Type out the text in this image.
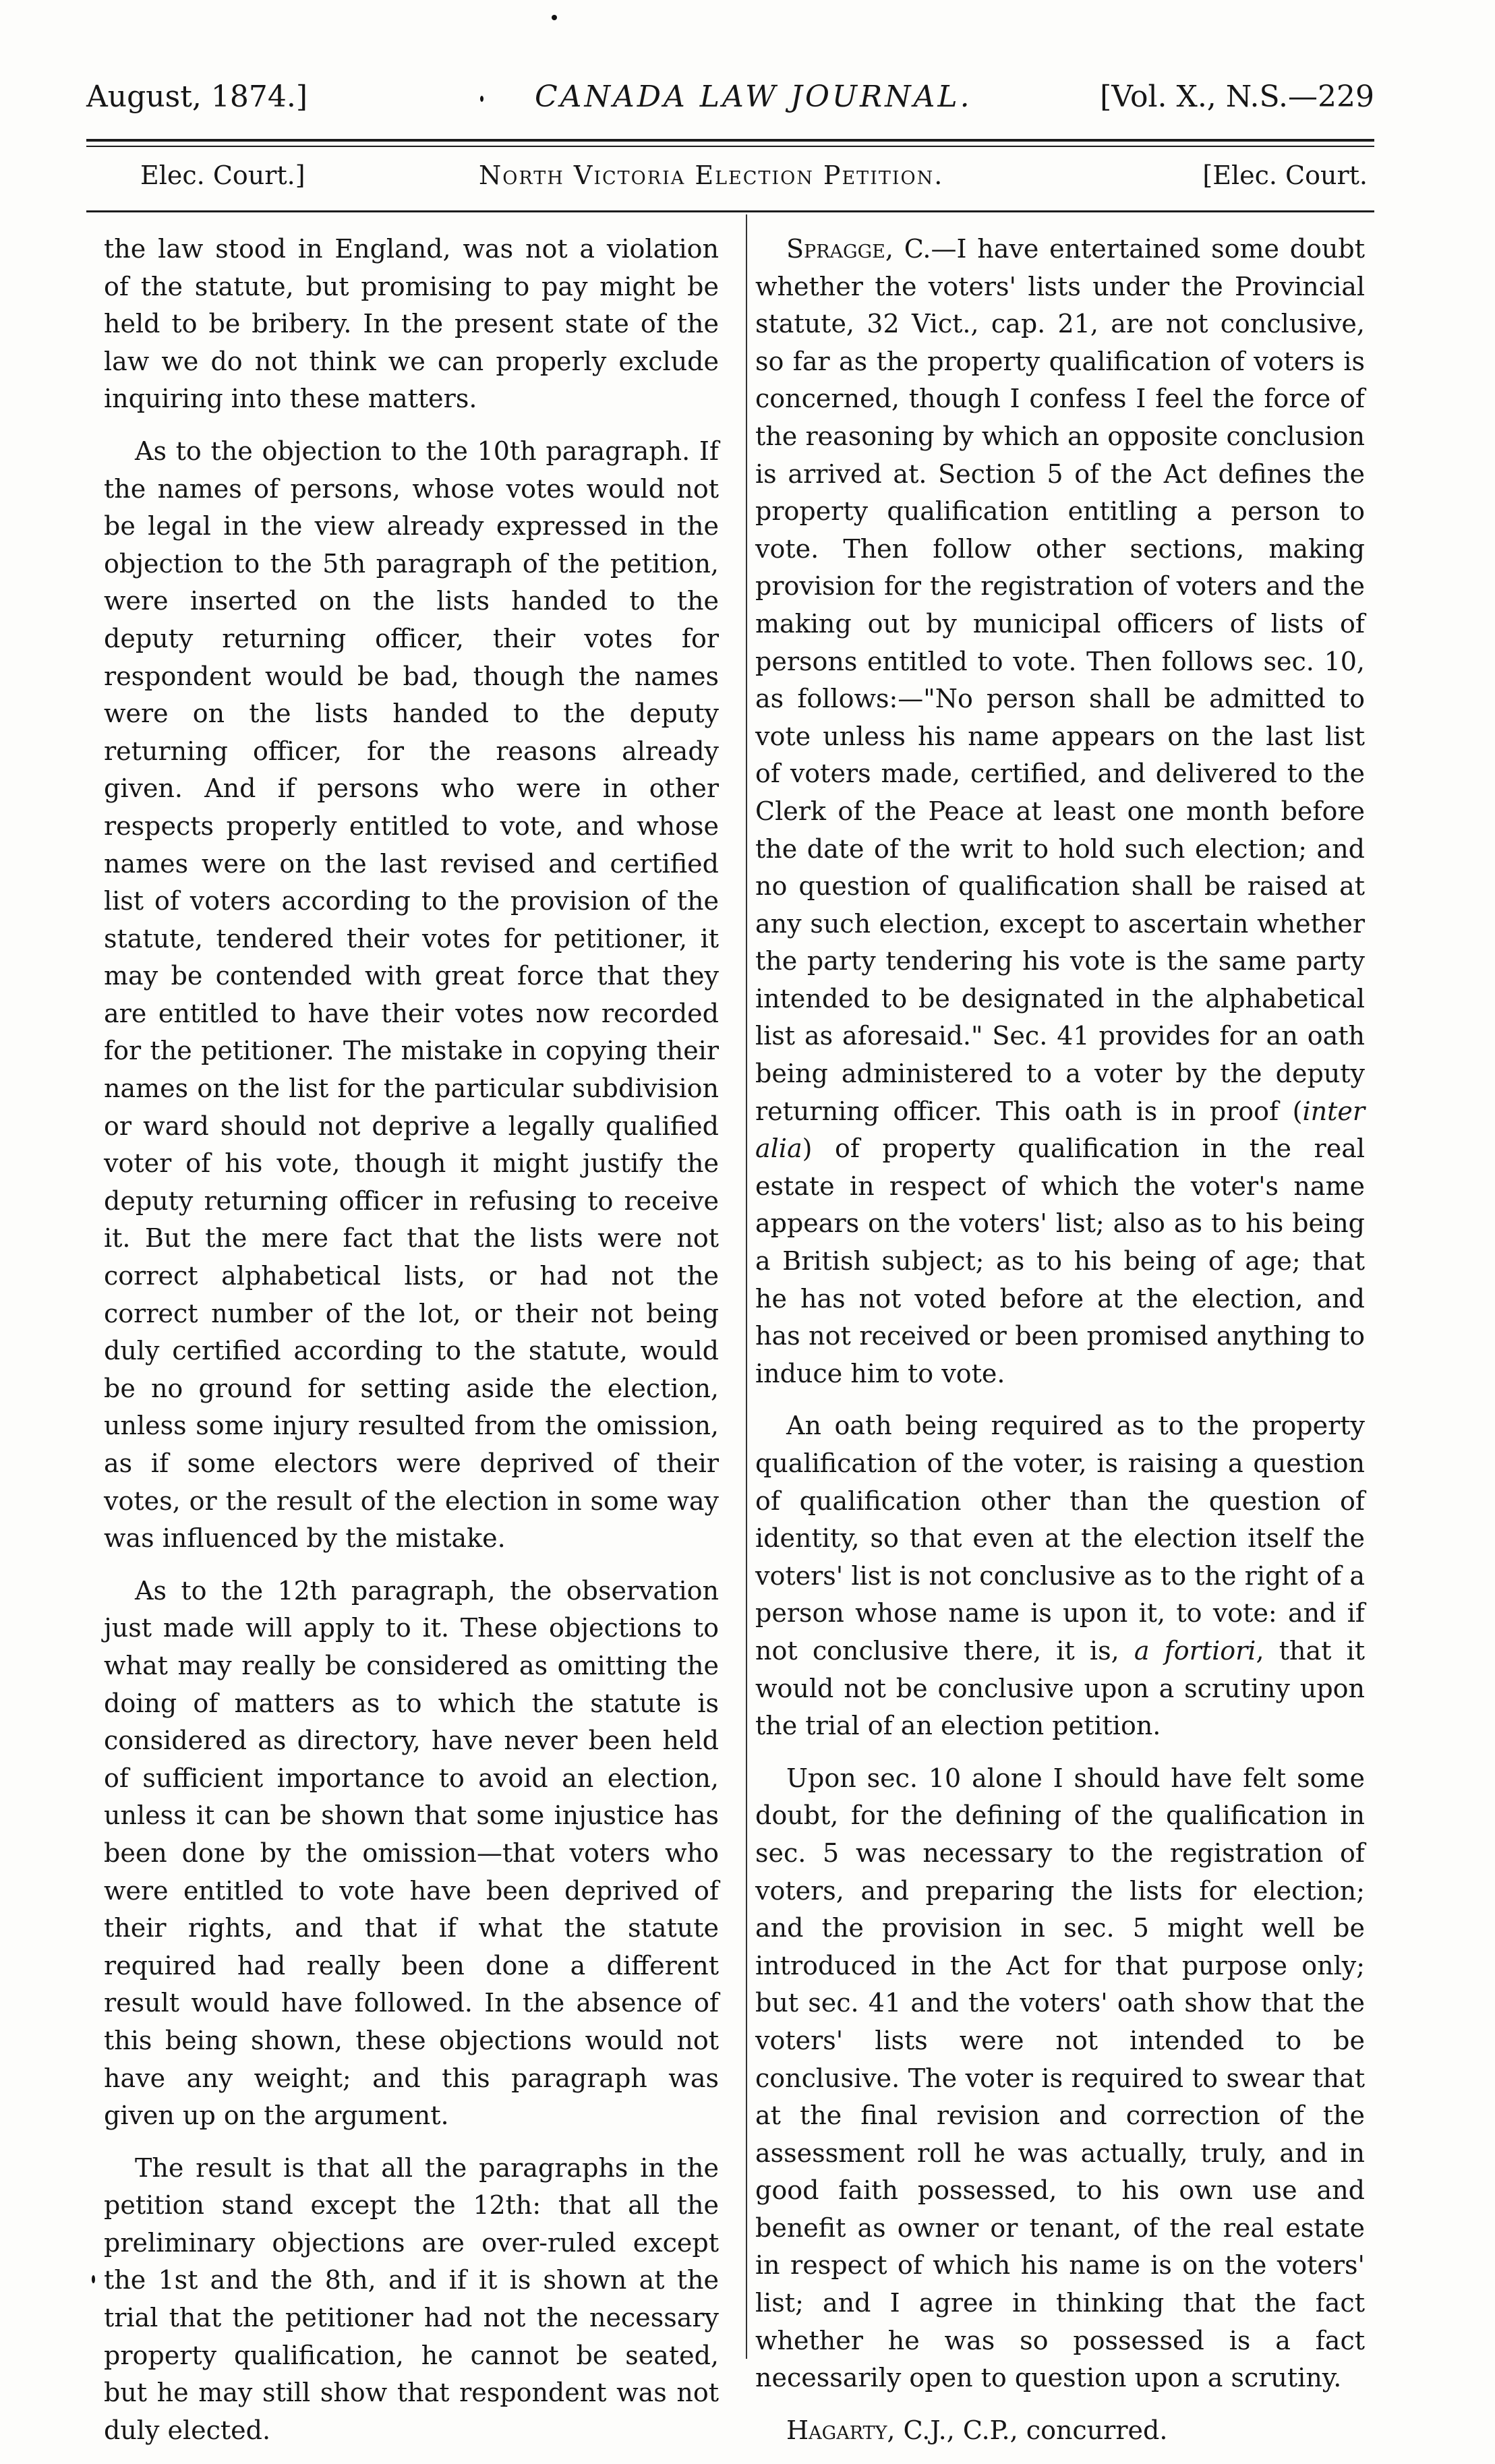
August, 1874.]	CANADA LAW JOURNAL.	[Vol. X., N.S.—229
Elec. Court.]	North Victoria Election Petition.	[Elec. Court.

the law stood in England, was not a violation of the statute, but promising to pay might be held to be bribery. In the present state of the law we do not think we can properly exclude inquiring into these matters.

As to the objection to the 10th paragraph. If the names of persons, whose votes would not be legal in the view already expressed in the objection to the 5th paragraph of the petition, were inserted on the lists handed to the deputy returning officer, their votes for respondent would be bad, though the names were on the lists handed to the deputy returning officer, for the reasons already given. And if persons who were in other respects properly entitled to vote, and whose names were on the last revised and certified list of voters according to the provision of the statute, tendered their votes for petitioner, it may be contended with great force that they are entitled to have their votes now recorded for the petitioner. The mistake in copying their names on the list for the particular subdivision or ward should not deprive a legally qualified voter of his vote, though it might justify the deputy returning officer in refusing to receive it. But the mere fact that the lists were not correct alphabetical lists, or had not the correct number of the lot, or their not being duly certified according to the statute, would be no ground for setting aside the election, unless some injury resulted from the omission, as if some electors were deprived of their votes, or the result of the election in some way was influenced by the mistake.

As to the 12th paragraph, the observation just made will apply to it. These objections to what may really be considered as omitting the doing of matters as to which the statute is considered as directory, have never been held of sufficient importance to avoid an election, unless it can be shown that some injustice has been done by the omission—that voters who were entitled to vote have been deprived of their rights, and that if what the statute required had really been done a different result would have followed. In the absence of this being shown, these objections would not have any weight; and this paragraph was given up on the argument.

The result is that all the paragraphs in the petition stand except the 12th: that all the preliminary objections are over-ruled except the 1st and the 8th, and if it is shown at the trial that the petitioner had not the necessary property qualification, he cannot be seated, but he may still show that respondent was not duly elected.

Spragge, C.—I have entertained some doubt whether the voters' lists under the Provincial statute, 32 Vict., cap. 21, are not conclusive, so far as the property qualification of voters is concerned, though I confess I feel the force of the reasoning by which an opposite conclusion is arrived at. Section 5 of the Act defines the property qualification entitling a person to vote. Then follow other sections, making provision for the registration of voters and the making out by municipal officers of lists of persons entitled to vote. Then follows sec. 10, as follows:—"No person shall be admitted to vote unless his name appears on the last list of voters made, certified, and delivered to the Clerk of the Peace at least one month before the date of the writ to hold such election; and no question of qualification shall be raised at any such election, except to ascertain whether the party tendering his vote is the same party intended to be designated in the alphabetical list as aforesaid." Sec. 41 provides for an oath being administered to a voter by the deputy returning officer. This oath is in proof (inter alia) of property qualification in the real estate in respect of which the voter's name appears on the voters' list; also as to his being a British subject; as to his being of age; that he has not voted before at the election, and has not received or been promised anything to induce him to vote.

An oath being required as to the property qualification of the voter, is raising a question of qualification other than the question of identity, so that even at the election itself the voters' list is not conclusive as to the right of a person whose name is upon it, to vote: and if not conclusive there, it is, a fortiori, that it would not be conclusive upon a scrutiny upon the trial of an election petition.

Upon sec. 10 alone I should have felt some doubt, for the defining of the qualification in sec. 5 was necessary to the registration of voters, and preparing the lists for election; and the provision in sec. 5 might well be introduced in the Act for that purpose only; but sec. 41 and the voters' oath show that the voters' lists were not intended to be conclusive. The voter is required to swear that at the final revision and correction of the assessment roll he was actually, truly, and in good faith possessed, to his own use and benefit as owner or tenant, of the real estate in respect of which his name is on the voters' list; and I agree in thinking that the fact whether he was so possessed is a fact necessarily open to question upon a scrutiny.

Hagarty, C.J., C.P., concurred.
